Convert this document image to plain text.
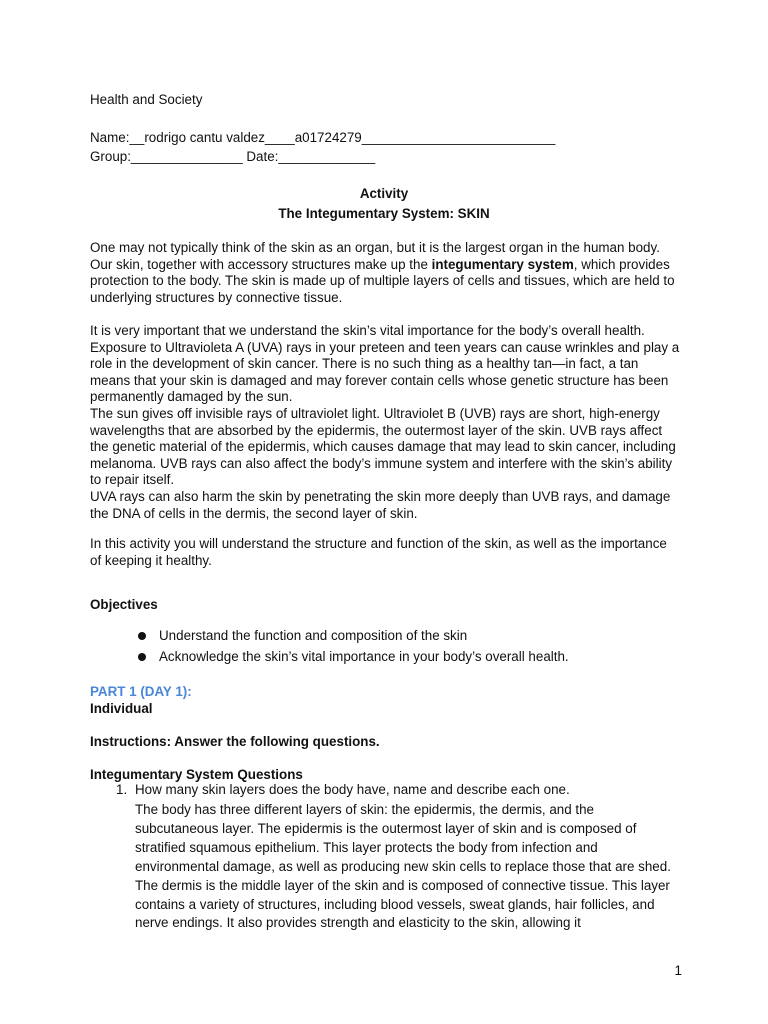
Health and Society
Name:__rodrigo cantu valdez____a01724279__________________________
Group:_______________ Date:_____________
Activity
The Integumentary System: SKIN
One may not typically think of the skin as an organ, but it is the largest organ in the human body. Our skin, together with accessory structures make up the integumentary system, which provides protection to the body. The skin is made up of multiple layers of cells and tissues, which are held to underlying structures by connective tissue.
It is very important that we understand the skin’s vital importance for the body’s overall health. Exposure to Ultravioleta A (UVA) rays in your preteen and teen years can cause wrinkles and play a role in the development of skin cancer. There is no such thing as a healthy tan—in fact, a tan means that your skin is damaged and may forever contain cells whose genetic structure has been permanently damaged by the sun.
The sun gives off invisible rays of ultraviolet light. Ultraviolet B (UVB) rays are short, high-energy wavelengths that are absorbed by the epidermis, the outermost layer of the skin. UVB rays affect the genetic material of the epidermis, which causes damage that may lead to skin cancer, including melanoma. UVB rays can also affect the body’s immune system and interfere with the skin’s ability to repair itself.
UVA rays can also harm the skin by penetrating the skin more deeply than UVB rays, and damage the DNA of cells in the dermis, the second layer of skin.
In this activity you will understand the structure and function of the skin, as well as the importance of keeping it healthy.
Objectives
Understand the function and composition of the skin
Acknowledge the skin’s vital importance in your body’s overall health.
PART 1 (DAY 1):
Individual
Instructions: Answer the following questions.
Integumentary System Questions
1. How many skin layers does the body have, name and describe each one.
The body has three different layers of skin: the epidermis, the dermis, and the subcutaneous layer. The epidermis is the outermost layer of skin and is composed of stratified squamous epithelium. This layer protects the body from infection and environmental damage, as well as producing new skin cells to replace those that are shed. The dermis is the middle layer of the skin and is composed of connective tissue. This layer contains a variety of structures, including blood vessels, sweat glands, hair follicles, and nerve endings. It also provides strength and elasticity to the skin, allowing it
1
